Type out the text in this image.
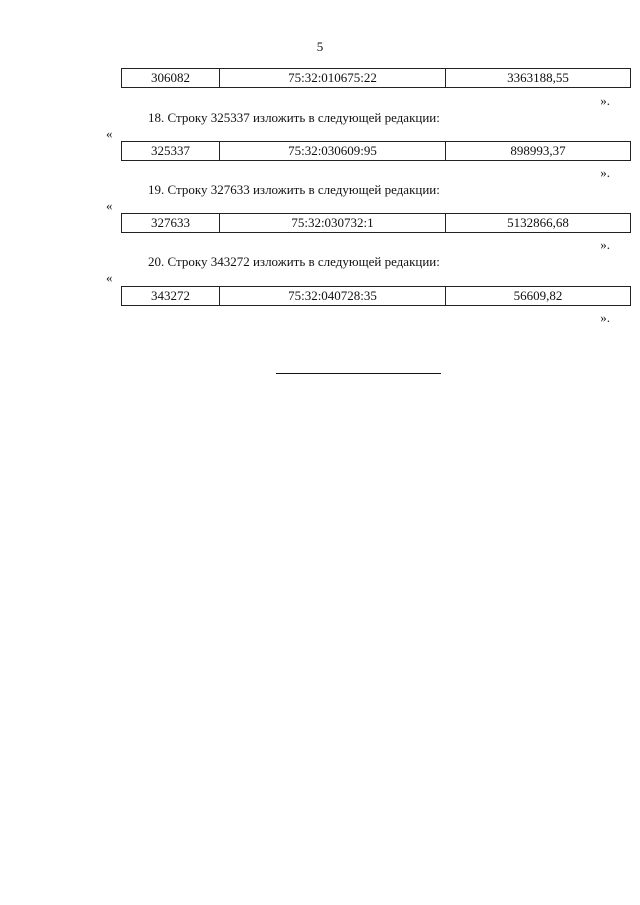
5
306082	75:32:010675:22	3363188,55
».
18. Строку 325337 изложить в следующей редакции:
«
325337	75:32:030609:95	898993,37
».
19. Строку 327633 изложить в следующей редакции:
«
327633	75:32:030732:1	5132866,68
».
20. Строку 343272 изложить в следующей редакции:
«
343272	75:32:040728:35	56609,82
».
